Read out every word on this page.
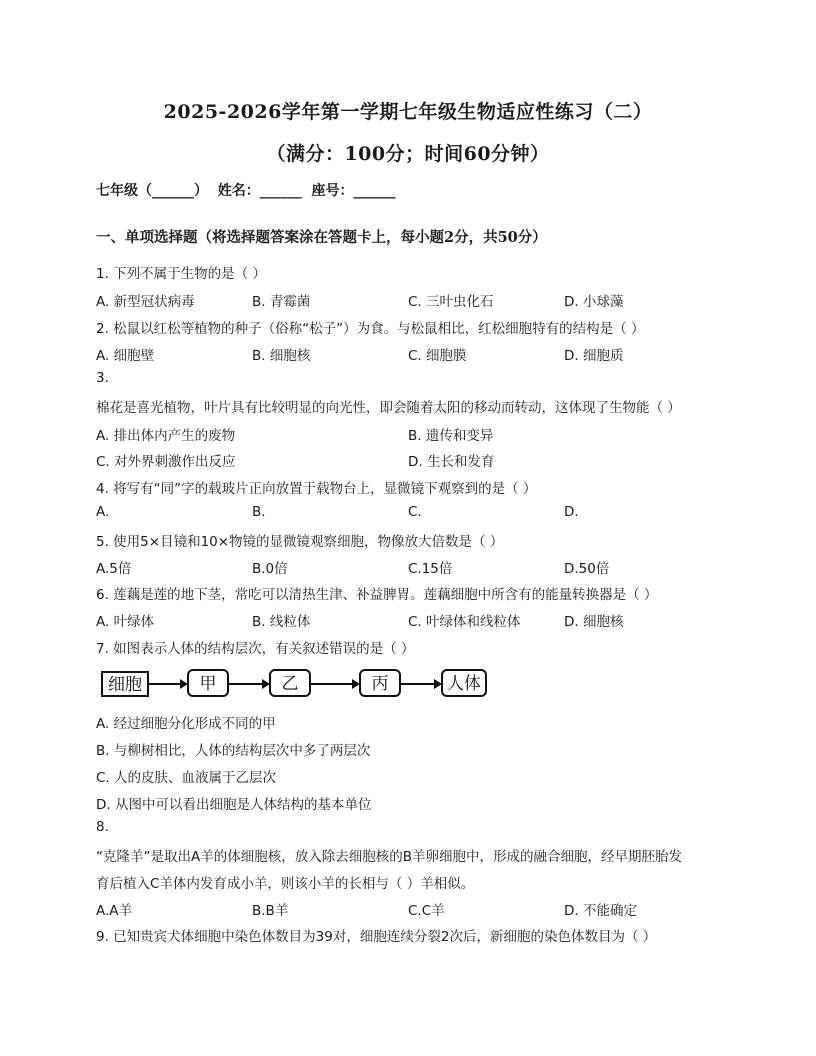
2025-2026学年第一学期七年级生物适应性练习（二）
（满分：100分；时间60分钟）
七年级（______）  姓名：______  座号：______
一、单项选择题（将选择题答案涂在答题卡上，每小题2分，共50分）
1. 下列不属于生物的是（ ）
A. 新型冠状病毒	B. 青霉菌	C. 三叶虫化石	D. 小球藻
2. 松鼠以红松等植物的种子（俗称“松子”）为食。与松鼠相比，红松细胞特有的结构是（ ）
A. 细胞壁	B. 细胞核	C. 细胞膜	D. 细胞质
3.
棉花是喜光植物，叶片具有比较明显的向光性，即会随着太阳的移动而转动，这体现了生物能（ ）
A. 排出体内产生的废物	B. 遗传和变异
C. 对外界刺激作出反应	D. 生长和发育
4. 将写有“同”字的载玻片正向放置于载物台上，显微镜下观察到的是（ ）
A.	B.	C.	D.
5. 使用5×目镜和10×物镜的显微镜观察细胞，物像放大倍数是（ ）
A.5倍	B.0倍	C.15倍	D.50倍
6. 莲藕是莲的地下茎，常吃可以清热生津、补益脾胃。莲藕细胞中所含有的能量转换器是（ ）
A. 叶绿体	B. 线粒体	C. 叶绿体和线粒体	D. 细胞核
7. 如图表示人体的结构层次，有关叙述错误的是（ ）
细胞	甲	乙	丙	人体
A. 经过细胞分化形成不同的甲
B. 与柳树相比，人体的结构层次中多了两层次
C. 人的皮肤、血液属于乙层次
D. 从图中可以看出细胞是人体结构的基本单位
8.
“克隆羊”是取出A羊的体细胞核，放入除去细胞核的B羊卵细胞中，形成的融合细胞，经早期胚胎发
育后植入C羊体内发育成小羊，则该小羊的长相与（ ）羊相似。
A.A羊	B.B羊	C.C羊	D. 不能确定
9. 已知贵宾犬体细胞中染色体数目为39对，细胞连续分裂2次后，新细胞的染色体数目为（ ）
